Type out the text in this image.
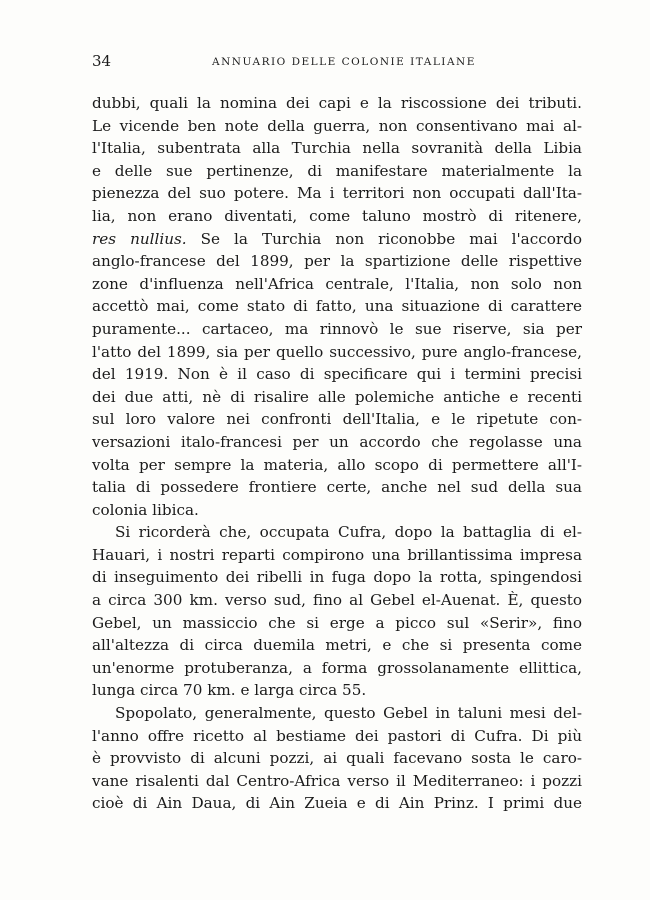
34	ANNUARIO DELLE COLONIE ITALIANE
dubbi, quali la nomina dei capi e la riscossione dei tributi.
Le vicende ben note della guerra, non consentivano mai al-
l'Italia, subentrata alla Turchia nella sovranità della Libia
e delle sue pertinenze, di manifestare materialmente la
pienezza del suo potere. Ma i territori non occupati dall'Ita-
lia, non erano diventati, come taluno mostrò di ritenere,
res nullius. Se la Turchia non riconobbe mai l'accordo
anglo-francese del 1899, per la spartizione delle rispettive
zone d'influenza nell'Africa centrale, l'Italia, non solo non
accettò mai, come stato di fatto, una situazione di carattere
puramente... cartaceo, ma rinnovò le sue riserve, sia per
l'atto del 1899, sia per quello successivo, pure anglo-francese,
del 1919. Non è il caso di specificare qui i termini precisi
dei due atti, nè di risalire alle polemiche antiche e recenti
sul loro valore nei confronti dell'Italia, e le ripetute con-
versazioni italo-francesi per un accordo che regolasse una
volta per sempre la materia, allo scopo di permettere all'I-
talia di possedere frontiere certe, anche nel sud della sua
colonia libica.
Si ricorderà che, occupata Cufra, dopo la battaglia di el-
Hauari, i nostri reparti compirono una brillantissima impresa
di inseguimento dei ribelli in fuga dopo la rotta, spingendosi
a circa 300 km. verso sud, fino al Gebel el-Auenat. È, questo
Gebel, un massiccio che si erge a picco sul «Serir», fino
all'altezza di circa duemila metri, e che si presenta come
un'enorme protuberanza, a forma grossolanamente ellittica,
lunga circa 70 km. e larga circa 55.
Spopolato, generalmente, questo Gebel in taluni mesi del-
l'anno offre ricetto al bestiame dei pastori di Cufra. Di più
è provvisto di alcuni pozzi, ai quali facevano sosta le caro-
vane risalenti dal Centro-Africa verso il Mediterraneo: i pozzi
cioè di Ain Daua, di Ain Zueia e di Ain Prinz. I primi due
